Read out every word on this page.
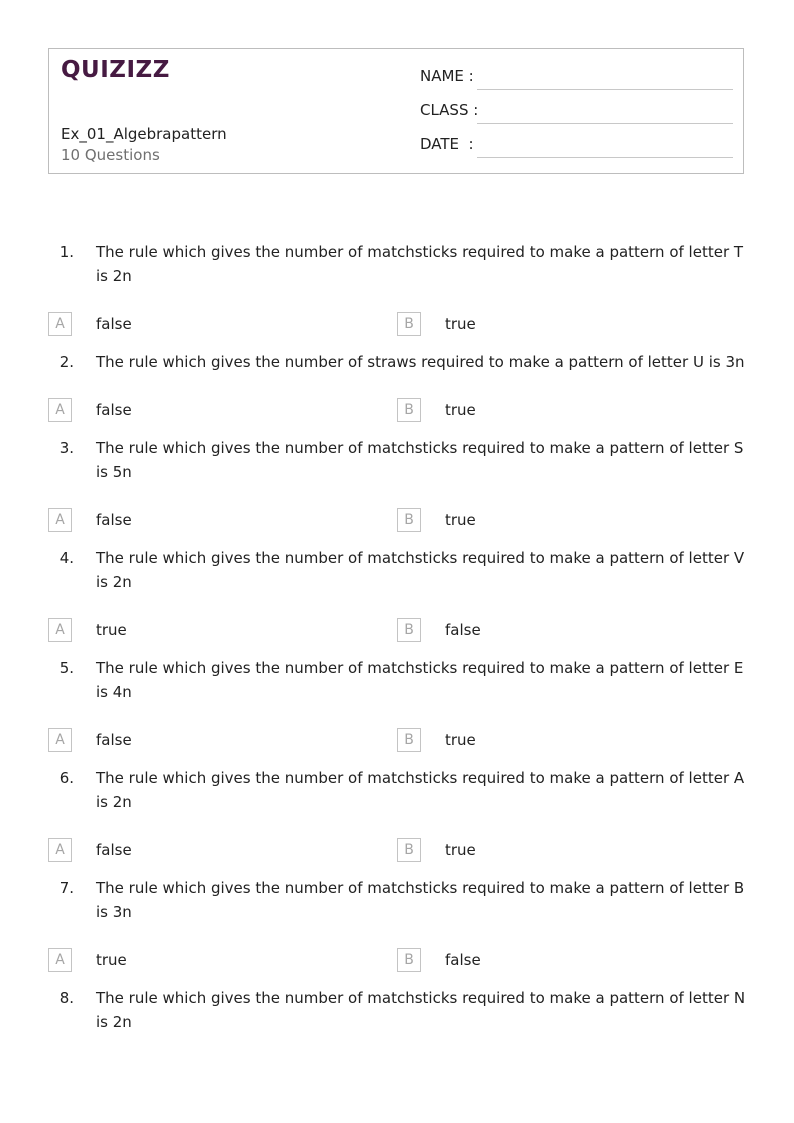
QUIZIZZ
Ex_01_Algebrapattern
10 Questions
NAME :
CLASS :
DATE  :
1. The rule which gives the number of matchsticks required to make a pattern of letter T is 2n
A	false	B	true
2. The rule which gives the number of straws required to make a pattern of letter U is 3n
A	false	B	true
3. The rule which gives the number of matchsticks required to make a pattern of letter S is 5n
A	false	B	true
4. The rule which gives the number of matchsticks required to make a pattern of letter V is 2n
A	true	B	false
5. The rule which gives the number of matchsticks required to make a pattern of letter E is 4n
A	false	B	true
6. The rule which gives the number of matchsticks required to make a pattern of letter A is 2n
A	false	B	true
7. The rule which gives the number of matchsticks required to make a pattern of letter B is 3n
A	true	B	false
8. The rule which gives the number of matchsticks required to make a pattern of letter N is 2n
